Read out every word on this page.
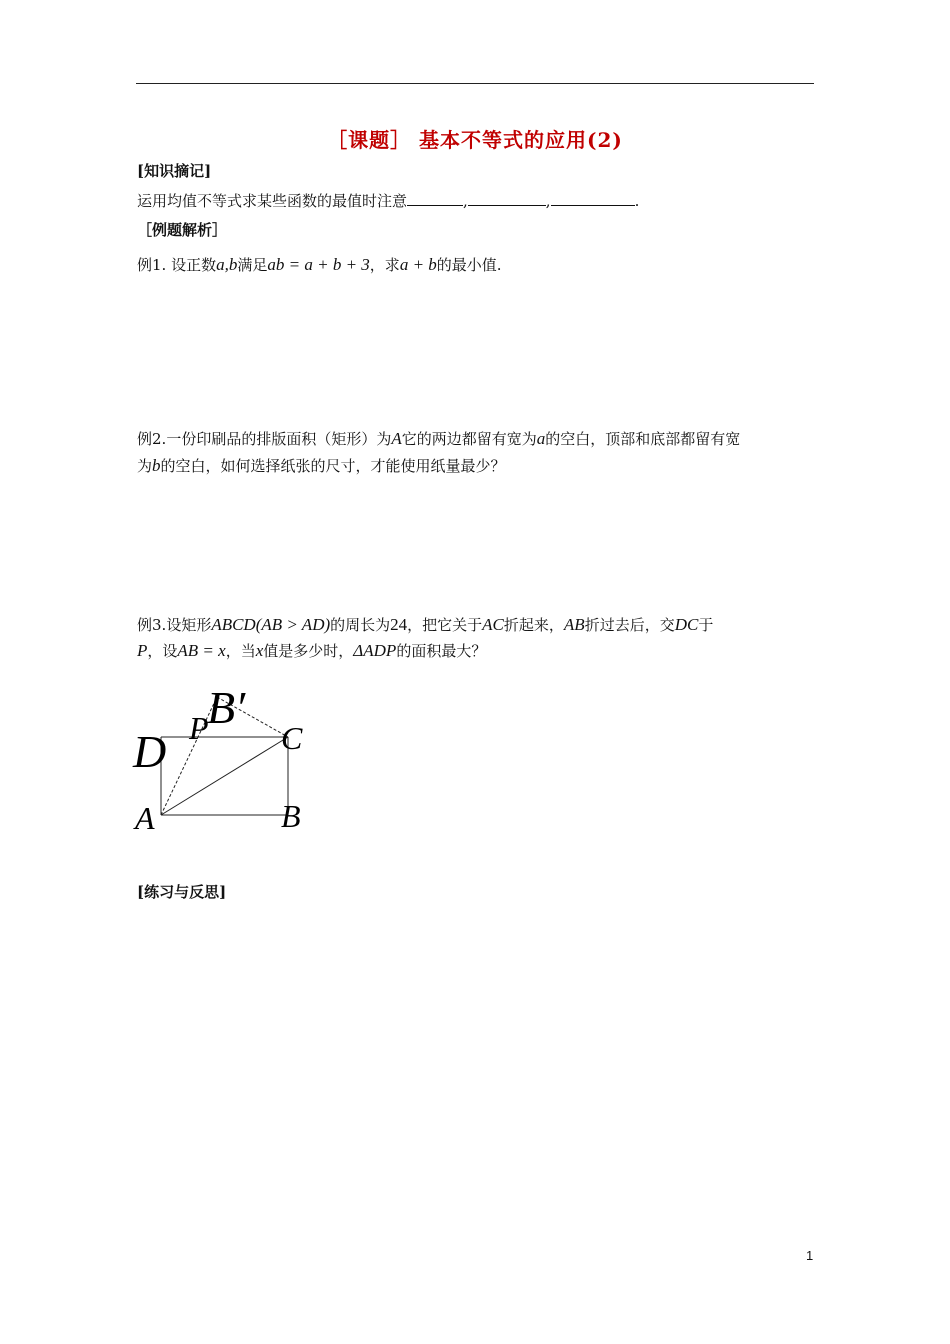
［课题］ 基本不等式的应用(2)
[知识摘记]
运用均值不等式求某些函数的最值时注意	,	,	.
［例题解析］
例1. 设正数a,b满足ab = a + b + 3，求a + b的最小值.
例2.一份印刷品的排版面积（矩形）为A它的两边都留有宽为a的空白，顶部和底部都留有宽
为b的空白，如何选择纸张的尺寸，才能使用纸量最少？
例3.设矩形ABCD(AB > AD)的周长为24，把它关于AC折起来，AB折过去后，交DC于
P，设AB = x，当x值是多少时，ΔADP的面积最大？
D P
B′
C
A	B
[练习与反思]
1
